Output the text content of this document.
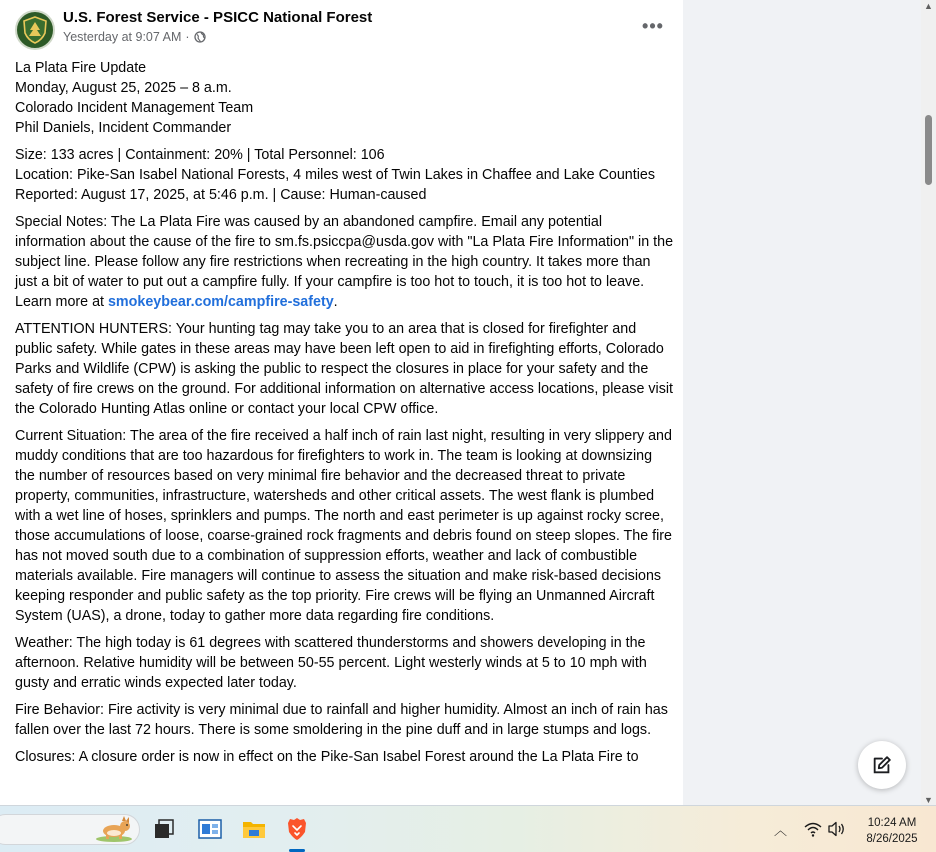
U.S. Forest Service - PSICC National Forest
Yesterday at 9:07 AM ·
•••

La Plata Fire Update
Monday, August 25, 2025 – 8 a.m.
Colorado Incident Management Team
Phil Daniels, Incident Commander

Size: 133 acres | Containment: 20% | Total Personnel: 106
Location: Pike-San Isabel National Forests, 4 miles west of Twin Lakes in Chaffee and Lake Counties
Reported: August 17, 2025, at 5:46 p.m. | Cause: Human-caused

Special Notes: The La Plata Fire was caused by an abandoned campfire. Email any potential information about the cause of the fire to sm.fs.psiccpa@usda.gov with "La Plata Fire Information" in the subject line. Please follow any fire restrictions when recreating in the high country. It takes more than just a bit of water to put out a campfire fully. If your campfire is too hot to touch, it is too hot to leave. Learn more at smokeybear.com/campfire-safety.

ATTENTION HUNTERS: Your hunting tag may take you to an area that is closed for firefighter and public safety. While gates in these areas may have been left open to aid in firefighting efforts, Colorado Parks and Wildlife (CPW) is asking the public to respect the closures in place for your safety and the safety of fire crews on the ground. For additional information on alternative access locations, please visit the Colorado Hunting Atlas online or contact your local CPW office.

Current Situation: The area of the fire received a half inch of rain last night, resulting in very slippery and muddy conditions that are too hazardous for firefighters to work in. The team is looking at downsizing the number of resources based on very minimal fire behavior and the decreased threat to private property, communities, infrastructure, watersheds and other critical assets. The west flank is plumbed with a wet line of hoses, sprinklers and pumps. The north and east perimeter is up against rocky scree, those accumulations of loose, coarse-grained rock fragments and debris found on steep slopes. The fire has not moved south due to a combination of suppression efforts, weather and lack of combustible materials available. Fire managers will continue to assess the situation and make risk-based decisions keeping responder and public safety as the top priority. Fire crews will be flying an Unmanned Aircraft System (UAS), a drone, today to gather more data regarding fire conditions.

Weather: The high today is 61 degrees with scattered thunderstorms and showers developing in the afternoon. Relative humidity will be between 50-55 percent. Light westerly winds at 5 to 10 mph with gusty and erratic winds expected later today.

Fire Behavior: Fire activity is very minimal due to rainfall and higher humidity. Almost an inch of rain has fallen over the last 72 hours. There is some smoldering in the pine duff and in large stumps and logs.

Closures: A closure order is now in effect on the Pike-San Isabel Forest around the La Plata Fire to

▲
▼
︿	10:24 AM
8/26/2025
